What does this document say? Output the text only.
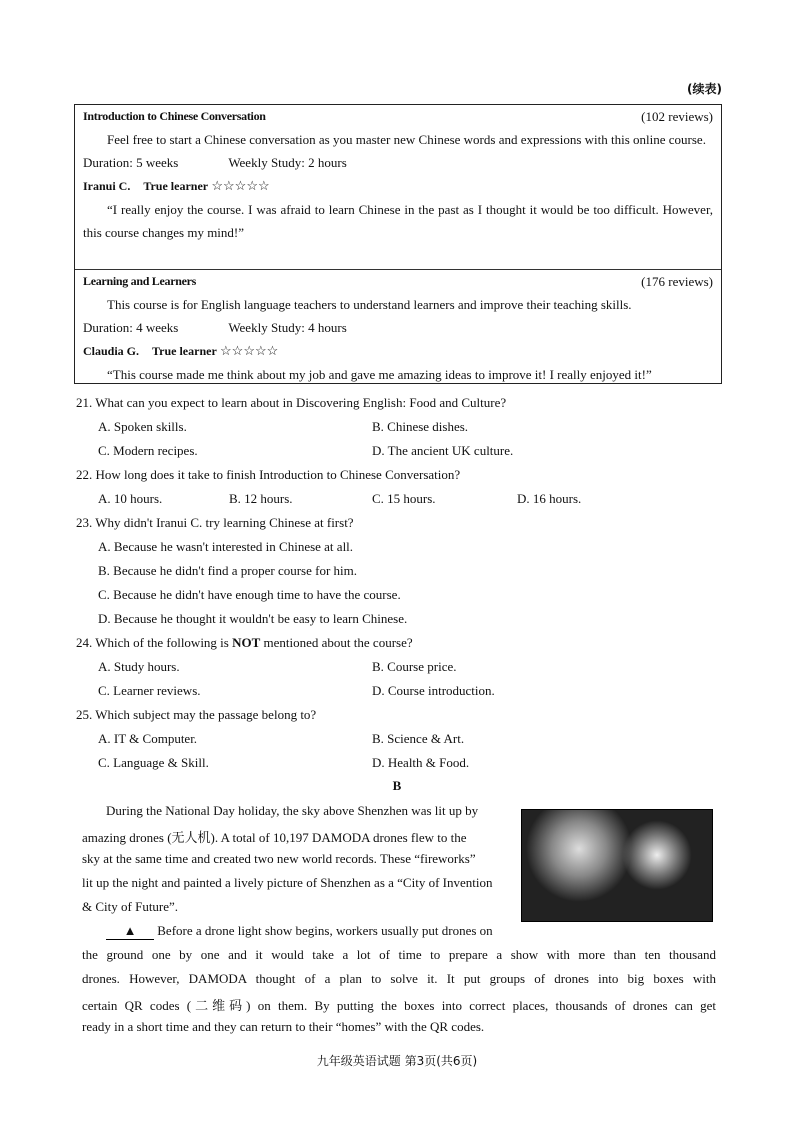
(续表)
Introduction to Chinese Conversation	(102 reviews)
Feel free to start a Chinese conversation as you master new Chinese words and expressions with this online course.
Duration: 5 weeks	Weekly Study: 2 hours
Iranui C. True learner ☆☆☆☆☆
“I really enjoy the course. I was afraid to learn Chinese in the past as I thought it would be too difficult. However, this course changes my mind!”
Learning and Learners	(176 reviews)
This course is for English language teachers to understand learners and improve their teaching skills.
Duration: 4 weeks	Weekly Study: 4 hours
Claudia G. True learner ☆☆☆☆☆
“This course made me think about my job and gave me amazing ideas to improve it! I really enjoyed it!”
21. What can you expect to learn about in Discovering English: Food and Culture?
A. Spoken skills.	B. Chinese dishes.
C. Modern recipes.	D. The ancient UK culture.
22. How long does it take to finish Introduction to Chinese Conversation?
A. 10 hours.	B. 12 hours.	C. 15 hours.	D. 16 hours.
23. Why didn't Iranui C. try learning Chinese at first?
A. Because he wasn't interested in Chinese at all.
B. Because he didn't find a proper course for him.
C. Because he didn't have enough time to have the course.
D. Because he thought it wouldn't be easy to learn Chinese.
24. Which of the following is NOT mentioned about the course?
A. Study hours.	B. Course price.
C. Learner reviews.	D. Course introduction.
25. Which subject may the passage belong to?
A. IT & Computer.	B. Science & Art.
C. Language & Skill.	D. Health & Food.
B
During the National Day holiday, the sky above Shenzhen was lit up by
amazing drones (无人机). A total of 10,197 DAMODA drones flew to the
sky at the same time and created two new world records. These “fireworks”
lit up the night and painted a lively picture of Shenzhen as a “City of Invention
& City of Future”.
▲ Before a drone light show begins, workers usually put drones on
the ground one by one and it would take a lot of time to prepare a show with more than ten thousand
drones. However, DAMODA thought of a plan to solve it. It put groups of drones into big boxes with
certain QR codes (二维码) on them. By putting the boxes into correct places, thousands of drones can get
ready in a short time and they can return to their “homes” with the QR codes.
九年级英语试题 第3页(共6页)
